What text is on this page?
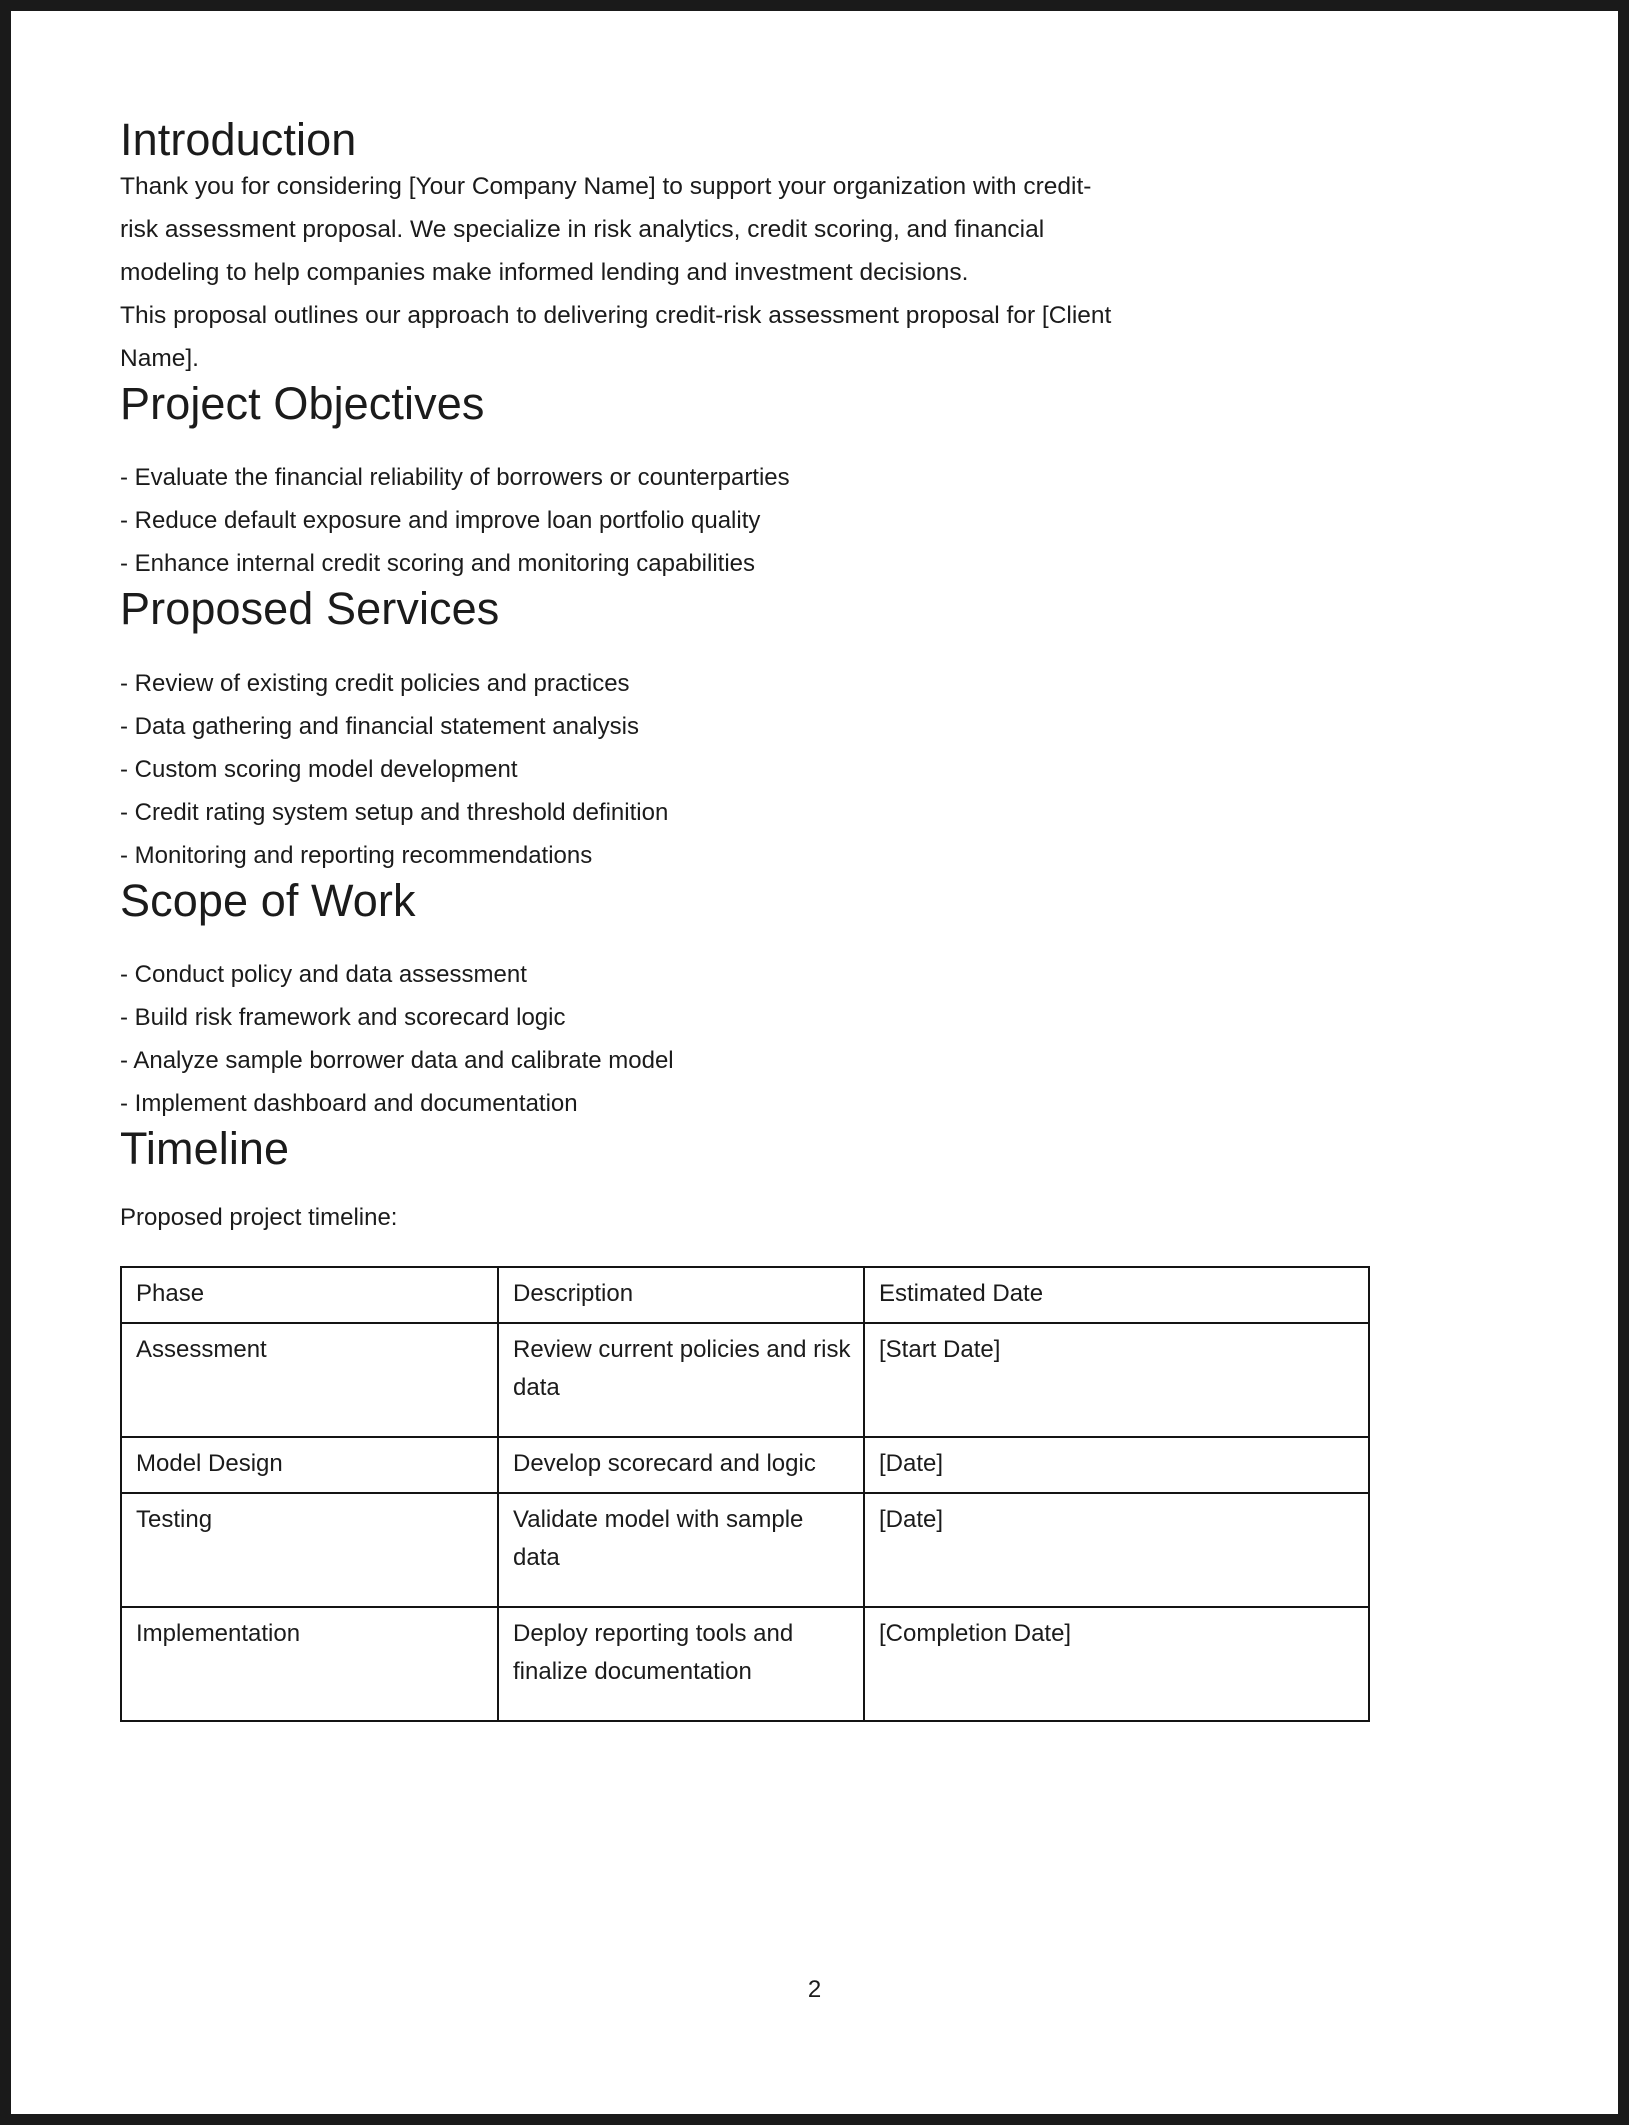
Introduction

Thank you for considering [Your Company Name] to support your organization with credit-risk assessment proposal. We specialize in risk analytics, credit scoring, and financial modeling to help companies make informed lending and investment decisions.

This proposal outlines our approach to delivering credit-risk assessment proposal for [Client Name].

Project Objectives
- Evaluate the financial reliability of borrowers or counterparties
- Reduce default exposure and improve loan portfolio quality
- Enhance internal credit scoring and monitoring capabilities
Proposed Services
- Review of existing credit policies and practices
- Data gathering and financial statement analysis
- Custom scoring model development
- Credit rating system setup and threshold definition
- Monitoring and reporting recommendations
Scope of Work
- Conduct policy and data assessment
- Build risk framework and scorecard logic
- Analyze sample borrower data and calibrate model
- Implement dashboard and documentation
Timeline

Proposed project timeline:

Phase	Description	Estimated Date
Assessment	Review current policies and risk data	[Start Date]
Model Design	Develop scorecard and logic	[Date]
Testing	Validate model with sample data	[Date]
Implementation	Deploy reporting tools and finalize documentation	[Completion Date]
2
